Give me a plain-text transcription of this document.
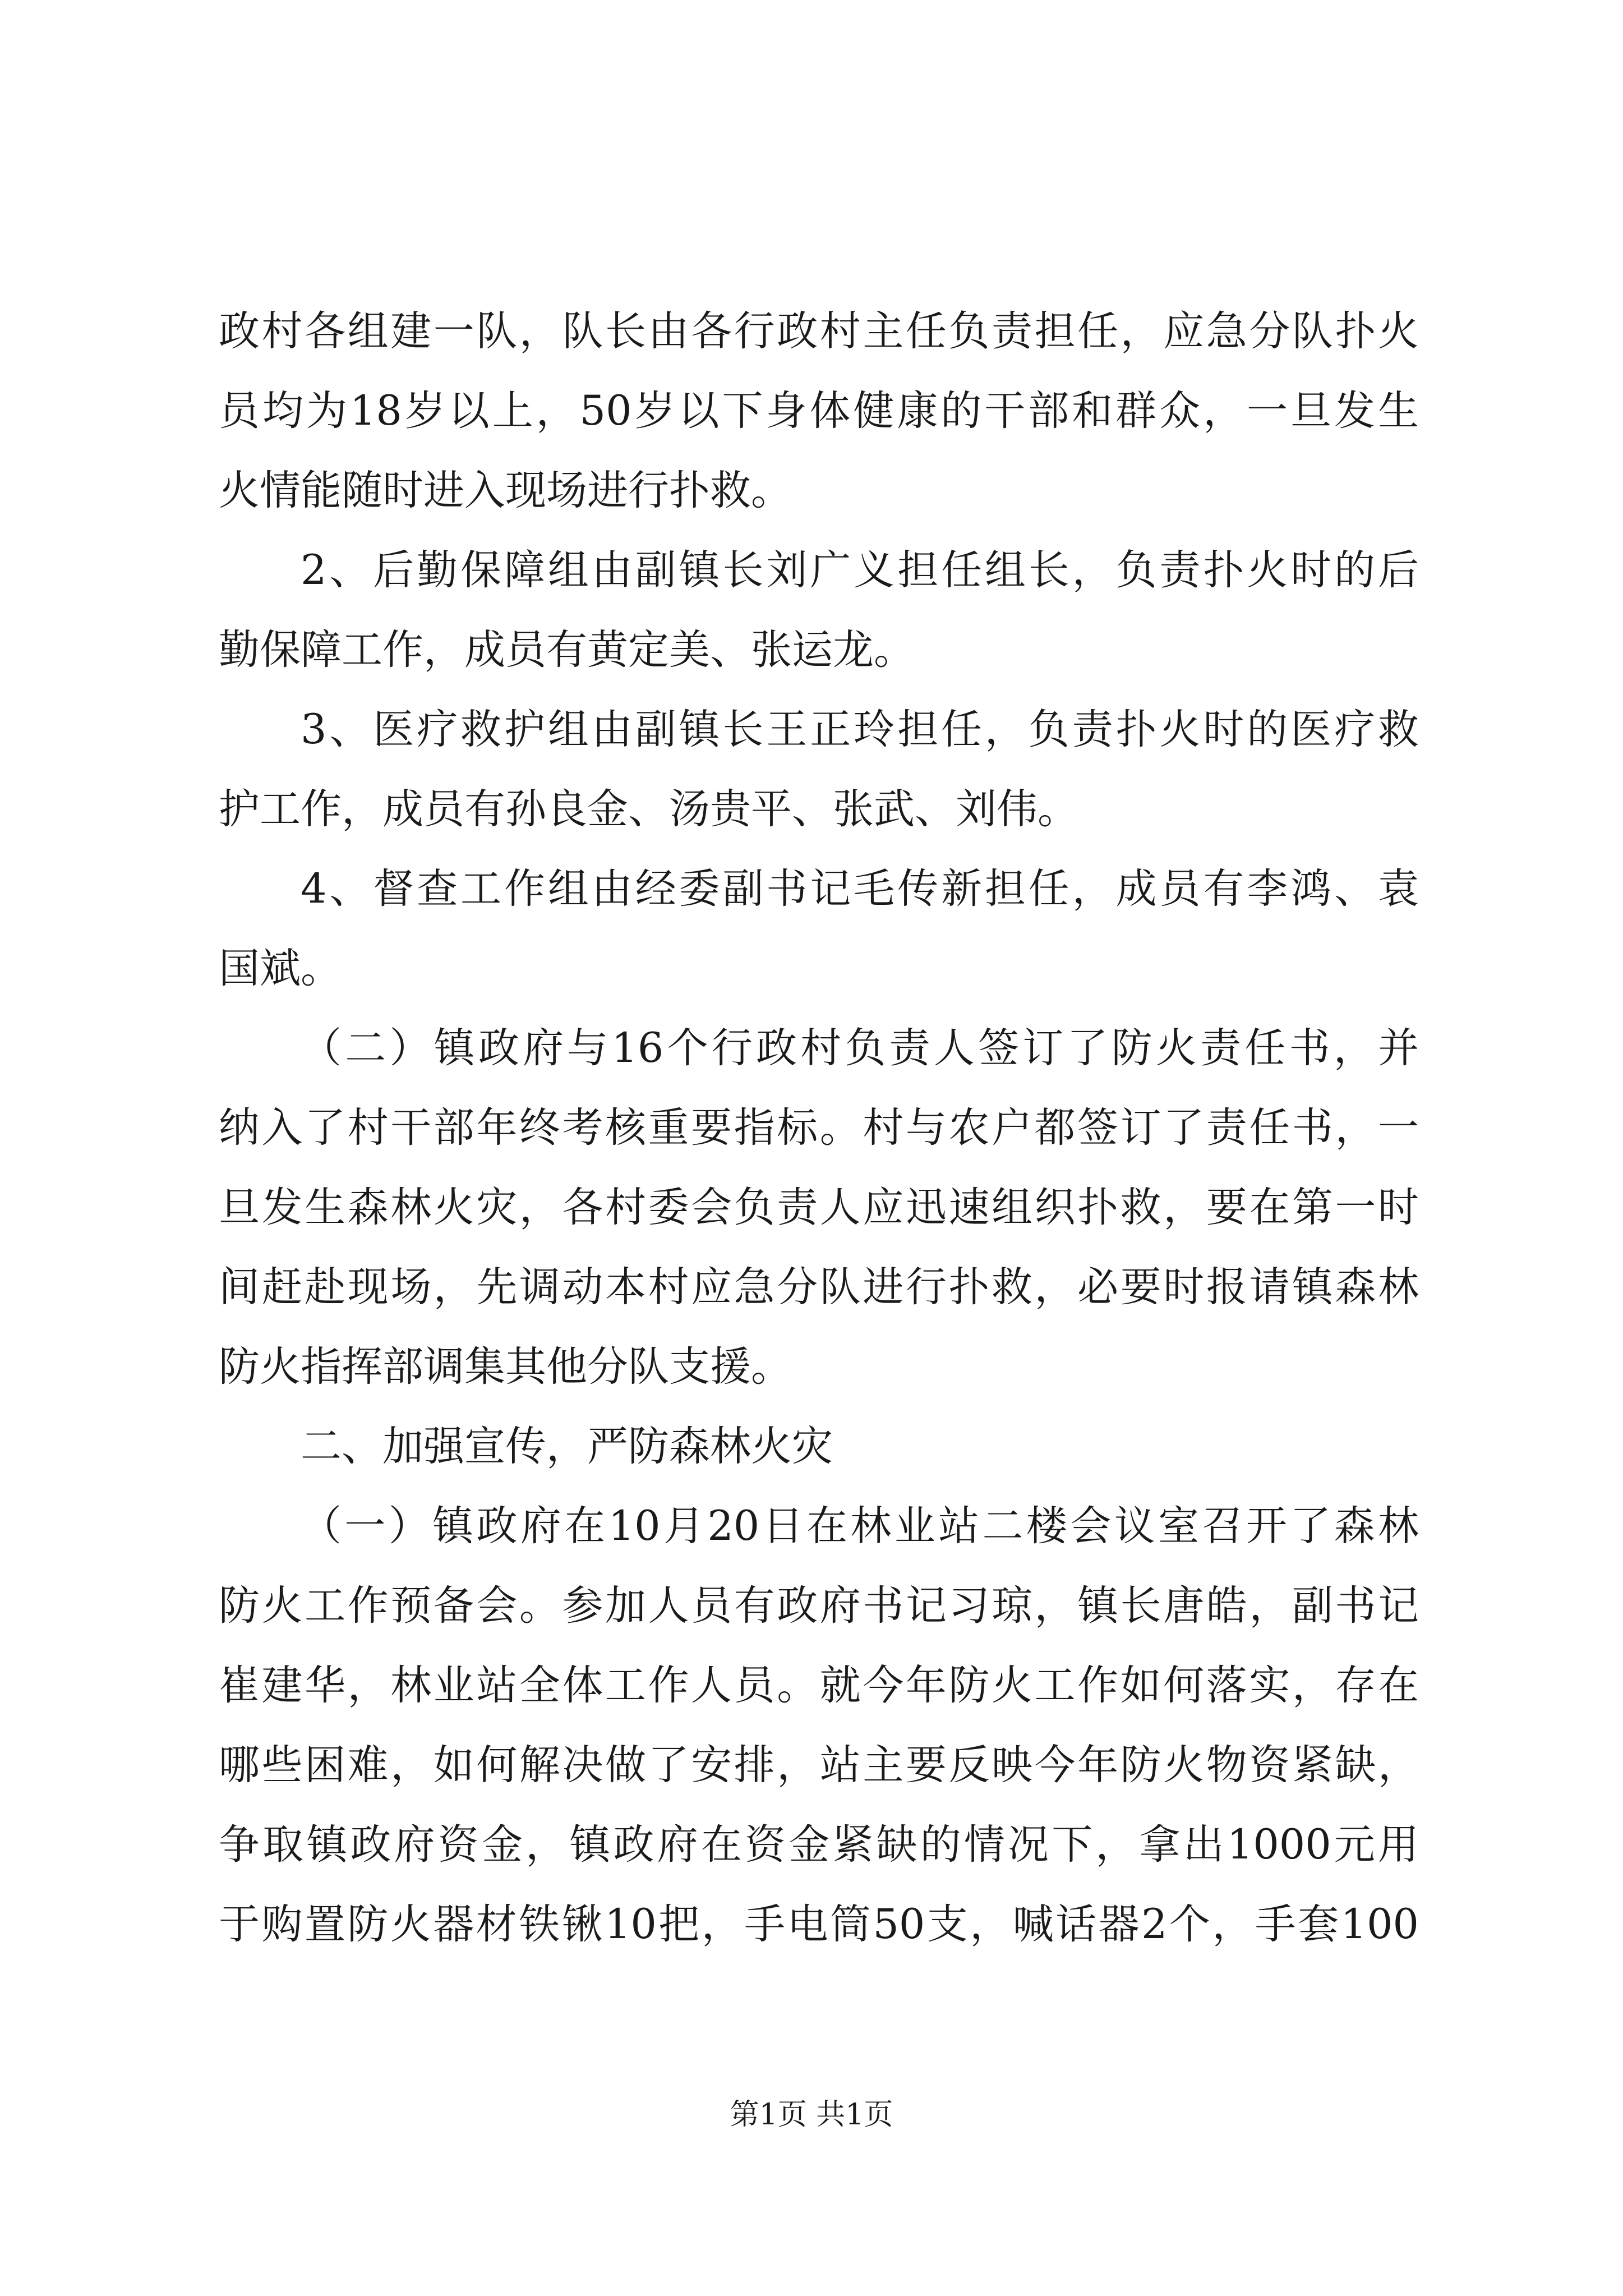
政村各组建一队，队长由各行政村主任负责担任，应急分队扑火
员均为18岁以上，50岁以下身体健康的干部和群众，一旦发生
火情能随时进入现场进行扑救。
2、后勤保障组由副镇长刘广义担任组长，负责扑火时的后
勤保障工作，成员有黄定美、张运龙。
3、医疗救护组由副镇长王正玲担任，负责扑火时的医疗救
护工作，成员有孙良金、汤贵平、张武、刘伟。
4、督查工作组由经委副书记毛传新担任，成员有李鸿、袁
国斌。
（二）镇政府与16个行政村负责人签订了防火责任书，并
纳入了村干部年终考核重要指标。村与农户都签订了责任书，一
旦发生森林火灾，各村委会负责人应迅速组织扑救，要在第一时
间赶赴现场，先调动本村应急分队进行扑救，必要时报请镇森林
防火指挥部调集其他分队支援。
二、加强宣传，严防森林火灾
（一）镇政府在10月20日在林业站二楼会议室召开了森林
防火工作预备会。参加人员有政府书记习琼，镇长唐皓，副书记
崔建华，林业站全体工作人员。就今年防火工作如何落实，存在
哪些困难，如何解决做了安排，站主要反映今年防火物资紧缺，
争取镇政府资金，镇政府在资金紧缺的情况下，拿出1000元用
于购置防火器材铁锹10把，手电筒50支，喊话器2个，手套100
第1页 共1页
